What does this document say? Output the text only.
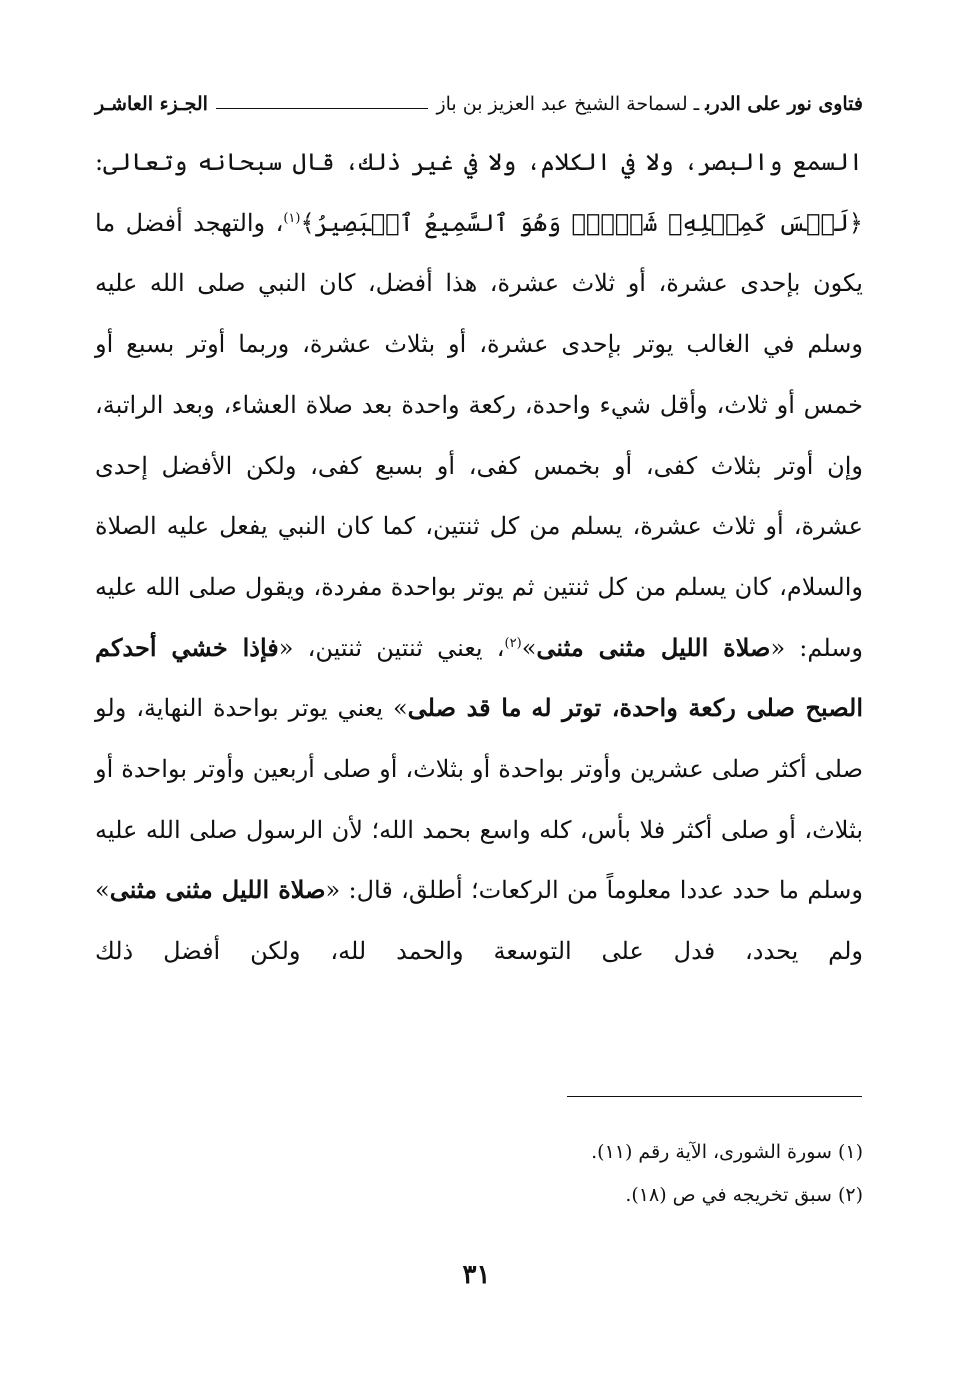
فتاوى نور على الدربـ لسماحة الشيخ عبد العزيز بن باز
الجـزء العاشـر
السمع والبصر، ولا في الكلام، ولا في غير ذلك، قال سبحانه وتعالى: ﴿لَيۡسَ كَمِثۡلِهِۦ شَيۡءٞۖ وَهُوَ ٱلسَّمِيعُ ٱلۡبَصِيرُ﴾$^{(١)}$، والتهجد أفضل ما يكون بإحدى عشرة، أو ثلاث عشرة، هذا أفضل، كان النبي صلى الله عليه وسلم في الغالب يوتر بإحدى عشرة، أو بثلاث عشرة، وربما أوتر بسبع أو خمس أو ثلاث، وأقل شيء واحدة، ركعة واحدة بعد صلاة العشاء، وبعد الراتبة، وإن أوتر بثلاث كفى، أو بخمس كفى، أو بسبع كفى، ولكن الأفضل إحدى عشرة، أو ثلاث عشرة، يسلم من كل ثنتين، كما كان النبي يفعل عليه الصلاة والسلام، كان يسلم من كل ثنتين ثم يوتر بواحدة مفردة، ويقول صلى الله عليه وسلم: «صلاة الليل مثنى مثنى»$^{(٢)}$، يعني ثنتين ثنتين، «فإذا خشي أحدكم الصبح صلى ركعة واحدة، توتر له ما قد صلى» يعني يوتر بواحدة النهاية، ولو صلى أكثر صلى عشرين وأوتر بواحدة أو بثلاث، أو صلى أربعين وأوتر بواحدة أو بثلاث، أو صلى أكثر فلا بأس، كله واسع بحمد الله؛ لأن الرسول صلى الله عليه وسلم ما حدد عددا معلوماً من الركعات؛ أطلق، قال: «صلاة الليل مثنى مثنى» ولم يحدد، فدل على التوسعة والحمد لله، ولكن أفضل ذلك
(١)سورة الشورى، الآية رقم (١١).
(٢)سبق تخريجه في ص (١٨).
٣١
